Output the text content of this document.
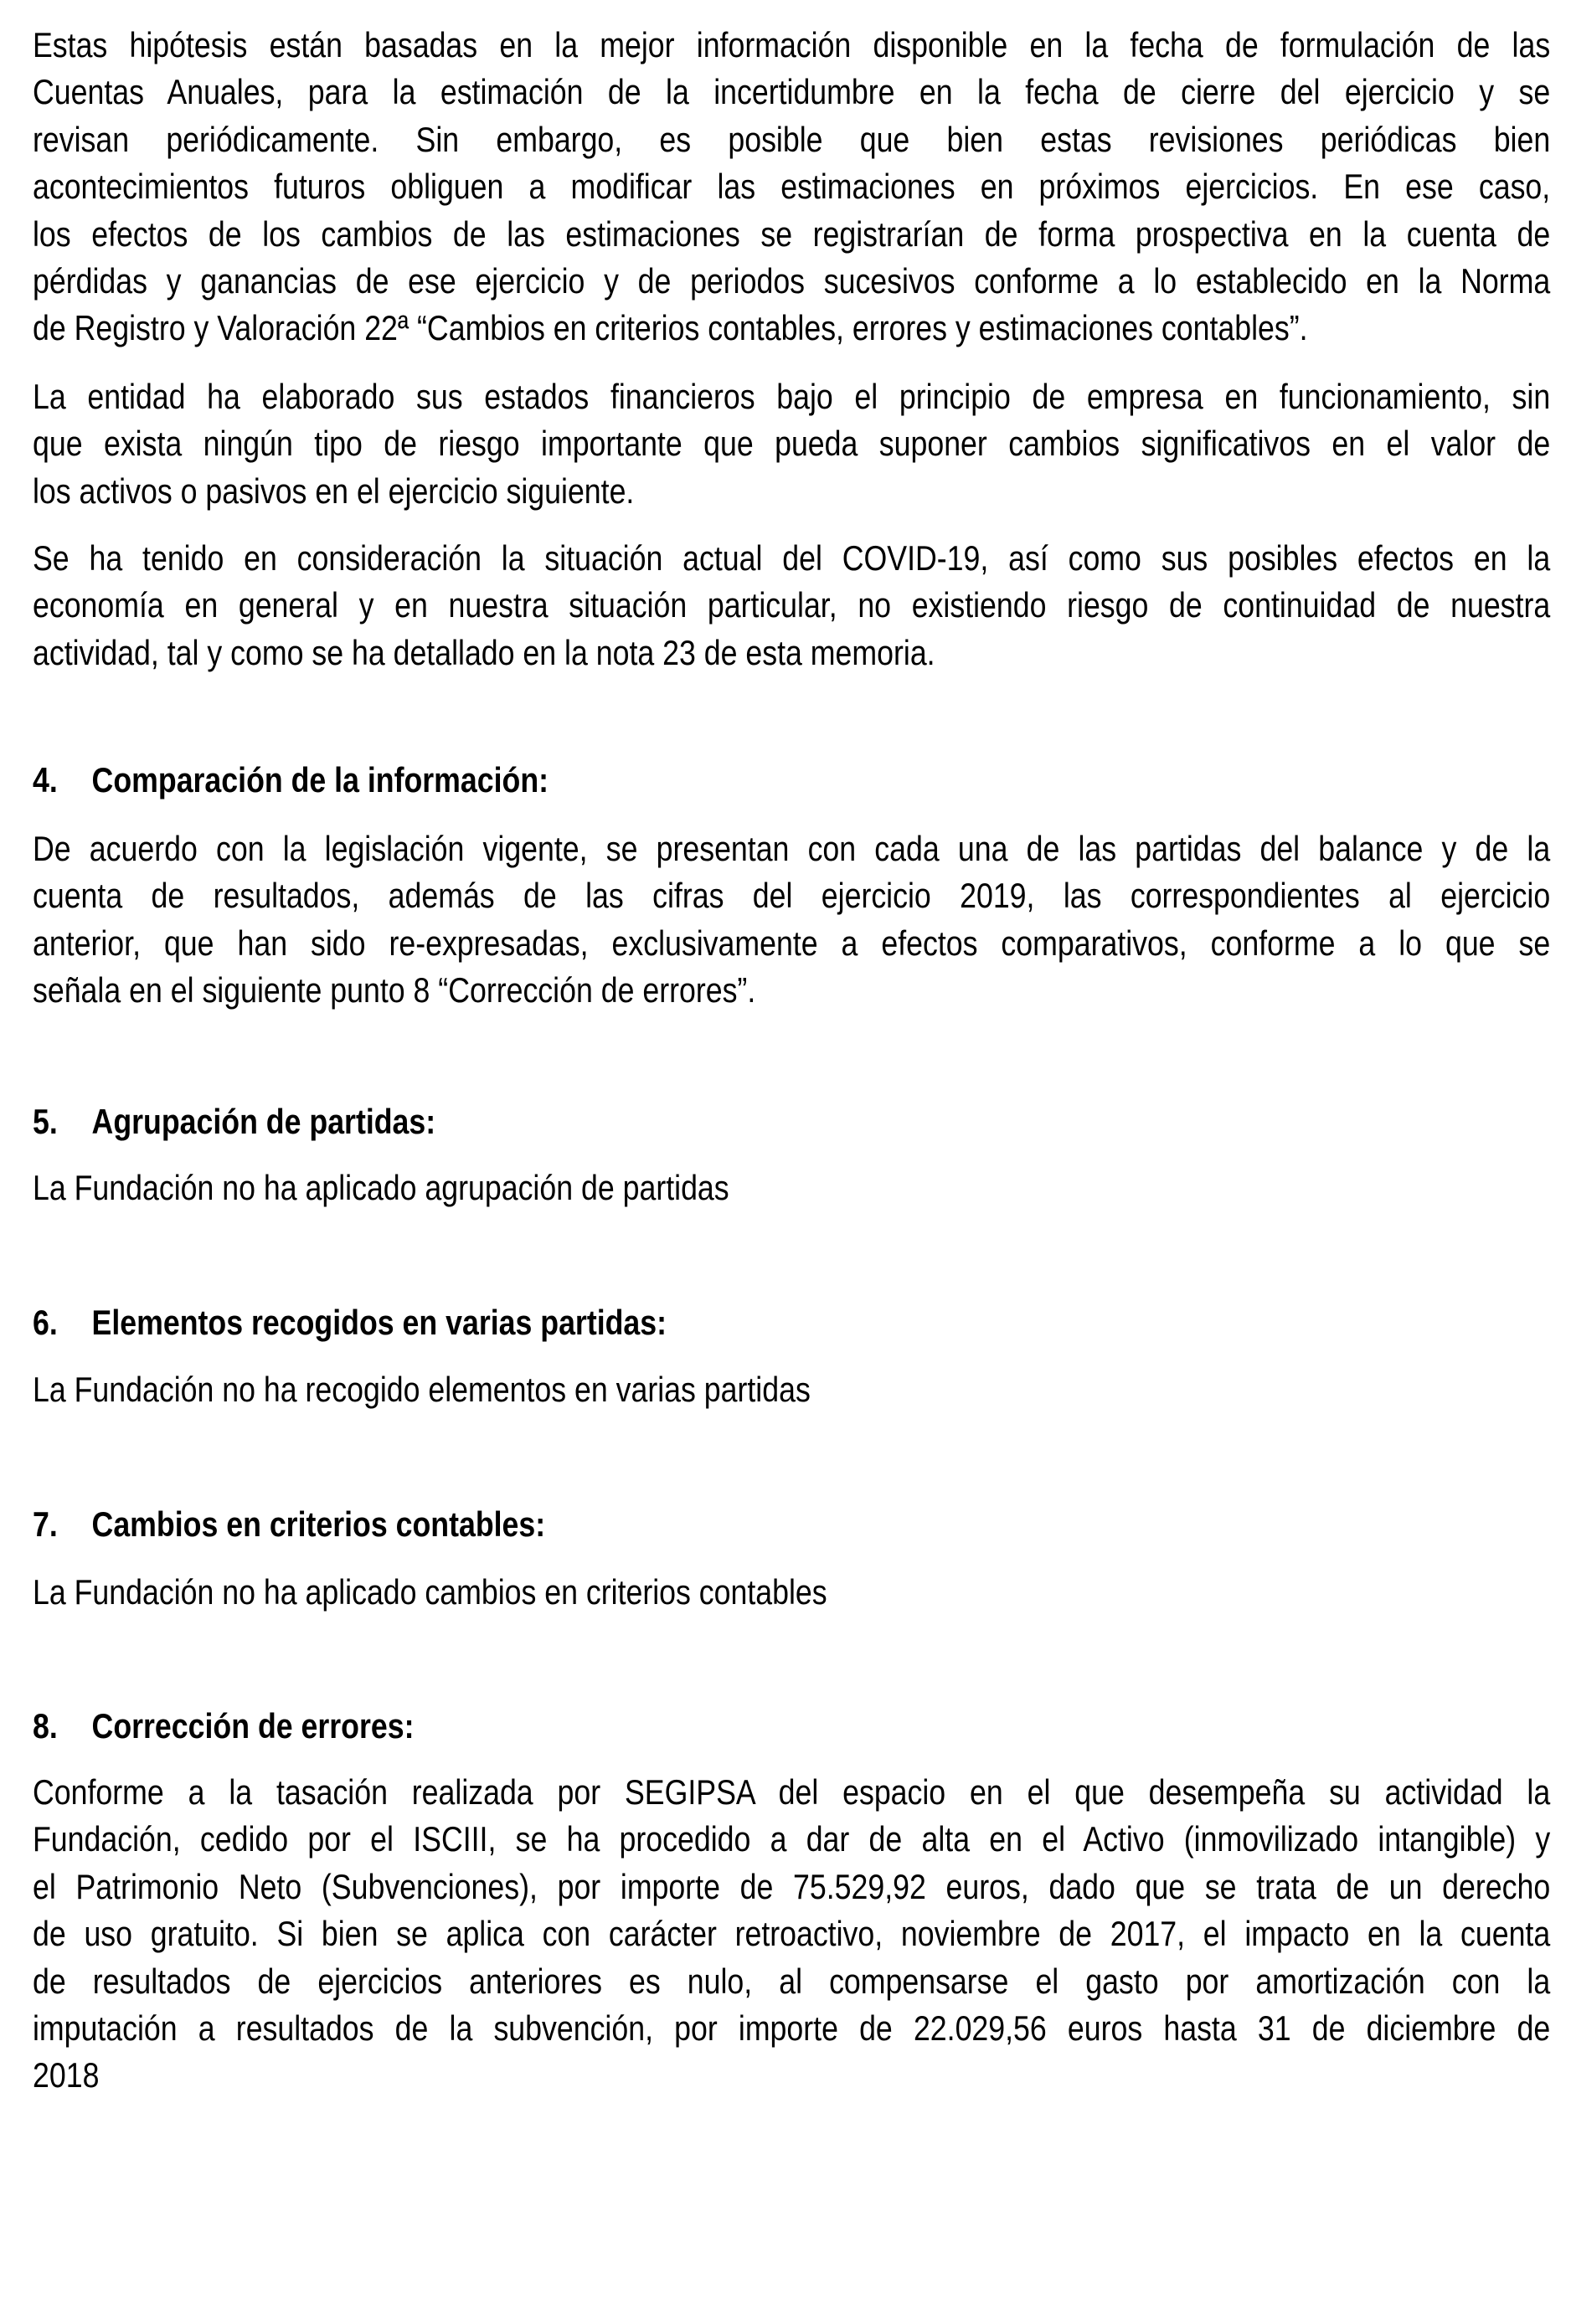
Estas hipótesis están basadas en la mejor información disponible en la fecha de formulación de las
Cuentas Anuales, para la estimación de la incertidumbre en la fecha de cierre del ejercicio y se
revisan periódicamente. Sin embargo, es posible que bien estas revisiones periódicas bien
acontecimientos futuros obliguen a modificar las estimaciones en próximos ejercicios. En ese caso,
los efectos de los cambios de las estimaciones se registrarían de forma prospectiva en la cuenta de
pérdidas y ganancias de ese ejercicio y de periodos sucesivos conforme a lo establecido en la Norma
de Registro y Valoración 22ª “Cambios en criterios contables, errores y estimaciones contables”.
La entidad ha elaborado sus estados financieros bajo el principio de empresa en funcionamiento, sin
que exista ningún tipo de riesgo importante que pueda suponer cambios significativos en el valor de
los activos o pasivos en el ejercicio siguiente.
Se ha tenido en consideración la situación actual del COVID-19, así como sus posibles efectos en la
economía en general y en nuestra situación particular, no existiendo riesgo de continuidad de nuestra
actividad, tal y como se ha detallado en la nota 23 de esta memoria.
4. Comparación de la información:
De acuerdo con la legislación vigente, se presentan con cada una de las partidas del balance y de la
cuenta de resultados, además de las cifras del ejercicio 2019, las correspondientes al ejercicio
anterior, que han sido re-expresadas, exclusivamente a efectos comparativos, conforme a lo que se
señala en el siguiente punto 8 “Corrección de errores”.
5. Agrupación de partidas:
La Fundación no ha aplicado agrupación de partidas
6. Elementos recogidos en varias partidas:
La Fundación no ha recogido elementos en varias partidas
7. Cambios en criterios contables:
La Fundación no ha aplicado cambios en criterios contables
8. Corrección de errores:
Conforme a la tasación realizada por SEGIPSA del espacio en el que desempeña su actividad la
Fundación, cedido por el ISCIII, se ha procedido a dar de alta en el Activo (inmovilizado intangible) y
el Patrimonio Neto (Subvenciones), por importe de 75.529,92 euros, dado que se trata de un derecho
de uso gratuito. Si bien se aplica con carácter retroactivo, noviembre de 2017, el impacto en la cuenta
de resultados de ejercicios anteriores es nulo, al compensarse el gasto por amortización con la
imputación a resultados de la subvención, por importe de 22.029,56 euros hasta 31 de diciembre de
2018
